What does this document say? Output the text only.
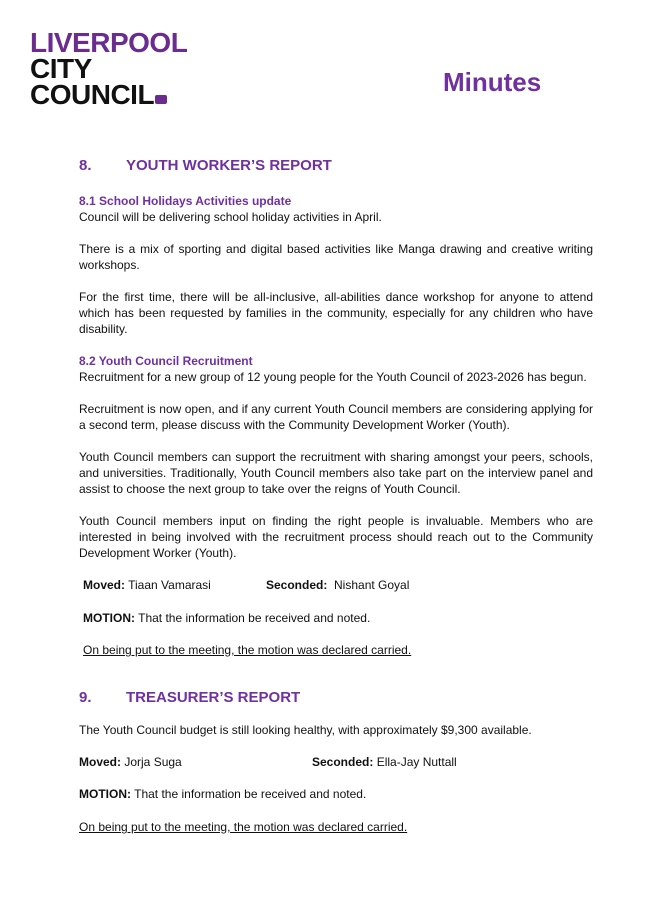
LIVERPOOL
CITY
COUNCIL	Minutes
8. YOUTH WORKER’S REPORT
8.1 School Holidays Activities update

Council will be delivering school holiday activities in April.

There is a mix of sporting and digital based activities like Manga drawing and creative writing workshops.

For the first time, there will be all-inclusive, all-abilities dance workshop for anyone to attend which has been requested by families in the community, especially for any children who have disability.

8.2 Youth Council Recruitment

Recruitment for a new group of 12 young people for the Youth Council of 2023-2026 has begun.

Recruitment is now open, and if any current Youth Council members are considering applying for a second term, please discuss with the Community Development Worker (Youth).

Youth Council members can support the recruitment with sharing amongst your peers, schools, and universities. Traditionally, Youth Council members also take part on the interview panel and assist to choose the next group to take over the reigns of Youth Council.

Youth Council members input on finding the right people is invaluable. Members who are interested in being involved with the recruitment process should reach out to the Community Development Worker (Youth).

Moved: Tiaan Vamarasi	Seconded: Nishant Goyal

MOTION: That the information be received and noted.

On being put to the meeting, the motion was declared carried.

9. TREASURER’S REPORT

The Youth Council budget is still looking healthy, with approximately $9,300 available.

Moved: Jorja Suga	Seconded: Ella-Jay Nuttall

MOTION: That the information be received and noted.

On being put to the meeting, the motion was declared carried.
